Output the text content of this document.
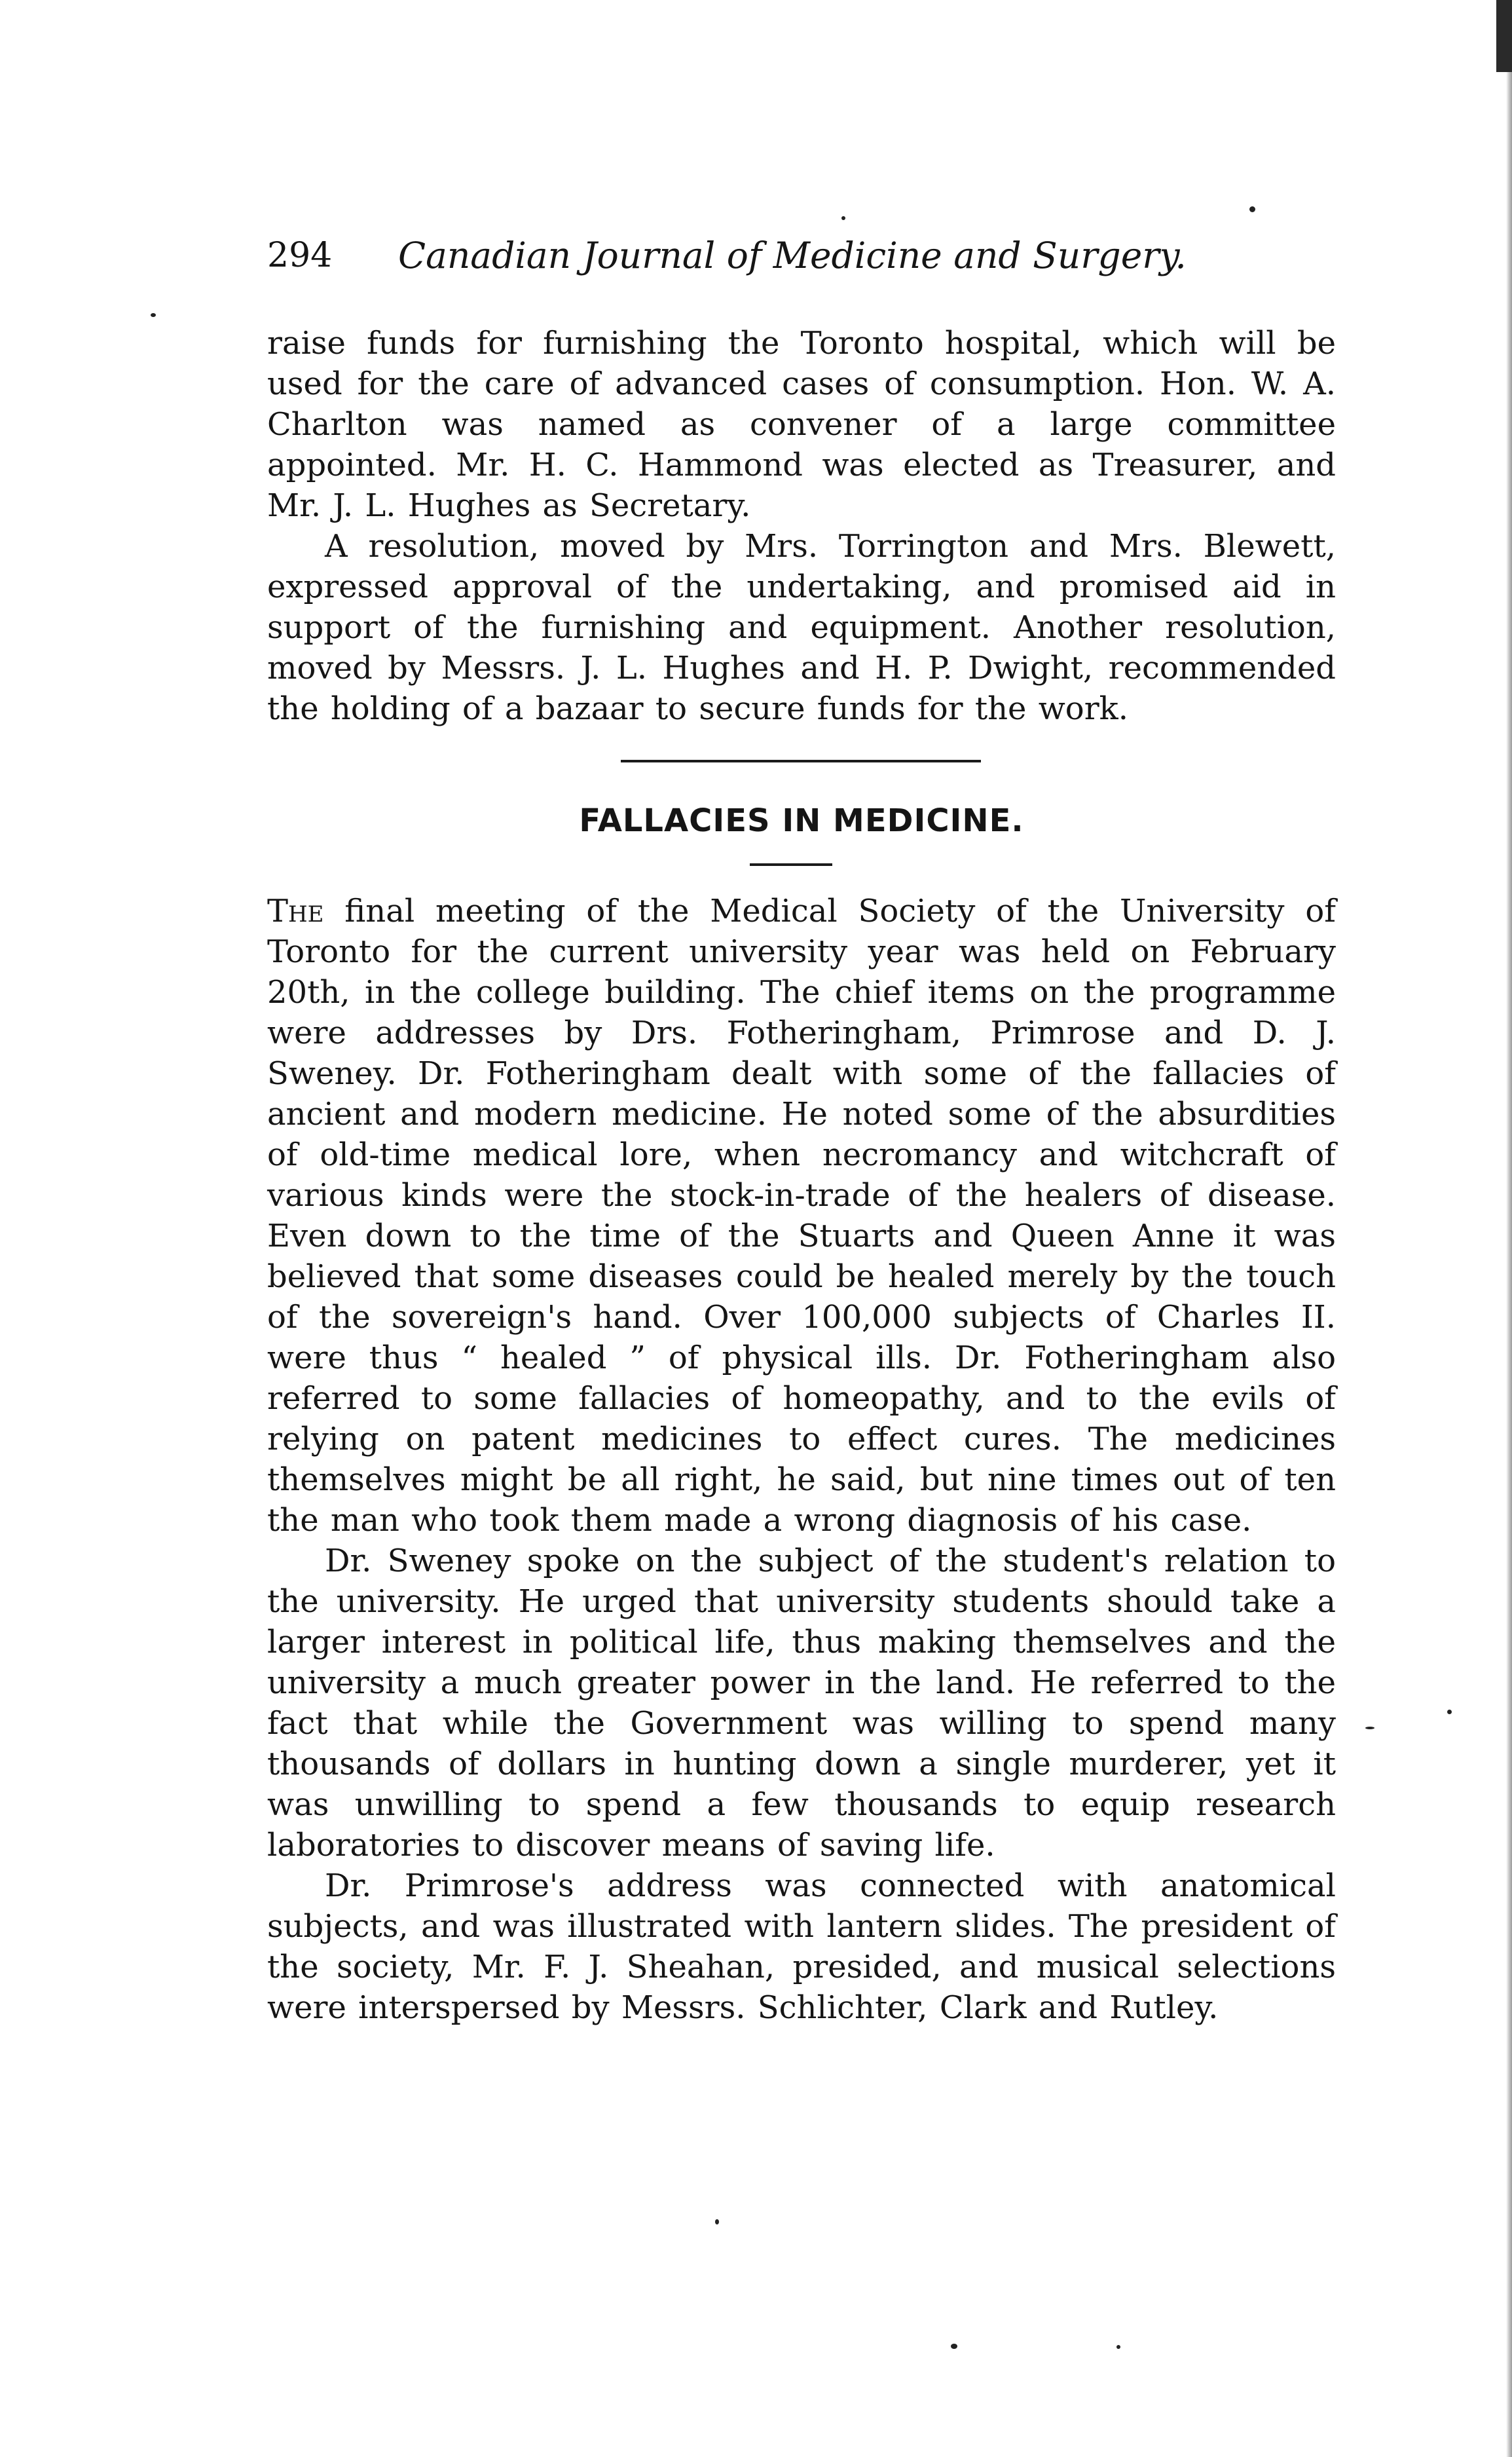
294 Canadian Journal of Medicine and Surgery.

raise funds for furnishing the Toronto hospital, which will be used for the care of advanced cases of consumption. Hon. W. A. Charlton was named as convener of a large committee appointed. Mr. H. C. Hammond was elected as Treasurer, and Mr. J. L. Hughes as Secretary.

A resolution, moved by Mrs. Torrington and Mrs. Blewett, expressed approval of the undertaking, and promised aid in support of the furnishing and equipment. Another resolution, moved by Messrs. J. L. Hughes and H. P. Dwight, recommended the holding of a bazaar to secure funds for the work.

FALLACIES IN MEDICINE.

The final meeting of the Medical Society of the University of Toronto for the current university year was held on February 20th, in the college building. The chief items on the programme were addresses by Drs. Fotheringham, Primrose and D. J. Sweney. Dr. Fotheringham dealt with some of the fallacies of ancient and modern medicine. He noted some of the absurdities of old-time medical lore, when necromancy and witchcraft of various kinds were the stock-in-trade of the healers of disease. Even down to the time of the Stuarts and Queen Anne it was believed that some diseases could be healed merely by the touch of the sovereign's hand. Over 100,000 subjects of Charles II. were thus “ healed ” of physical ills. Dr. Fotheringham also referred to some fallacies of homeopathy, and to the evils of relying on patent medicines to effect cures. The medicines themselves might be all right, he said, but nine times out of ten the man who took them made a wrong diagnosis of his case.

Dr. Sweney spoke on the subject of the student's relation to the university. He urged that university students should take a larger interest in political life, thus making themselves and the university a much greater power in the land. He referred to the fact that while the Government was willing to spend many thousands of dollars in hunting down a single murderer, yet it was unwilling to spend a few thousands to equip research laboratories to discover means of saving life.

Dr. Primrose's address was connected with anatomical subjects, and was illustrated with lantern slides. The president of the society, Mr. F. J. Sheahan, presided, and musical selections were interspersed by Messrs. Schlichter, Clark and Rutley.
